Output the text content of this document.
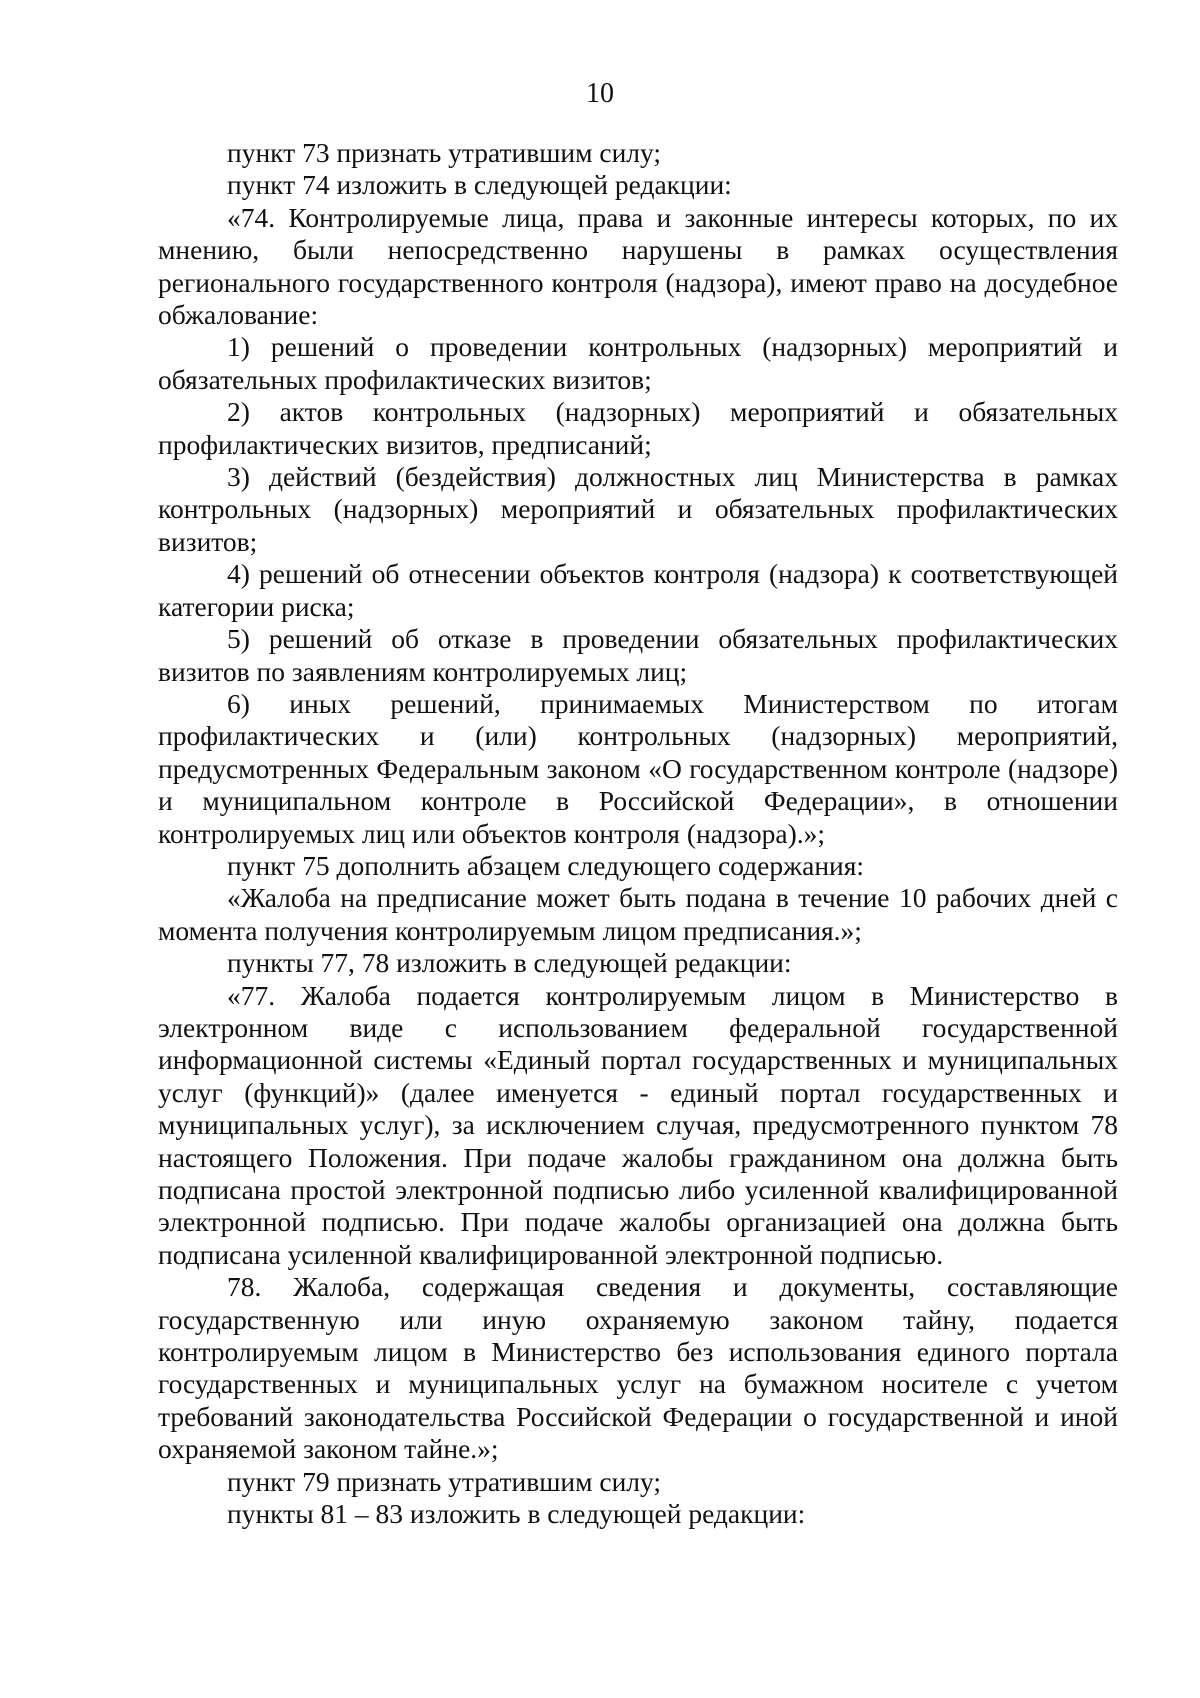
10

пункт 73 признать утратившим силу;

пункт 74 изложить в следующей редакции:

«74. Контролируемые лица, права и законные интересы которых, по их мнению, были непосредственно нарушены в рамках осуществления регионального государственного контроля (надзора), имеют право на досудебное обжалование:

1) решений о проведении контрольных (надзорных) мероприятий и обязательных профилактических визитов;

2) актов контрольных (надзорных) мероприятий и обязательных профилактических визитов, предписаний;

3) действий (бездействия) должностных лиц Министерства в рамках контрольных (надзорных) мероприятий и обязательных профилактических визитов;

4) решений об отнесении объектов контроля (надзора) к соответствующей категории риска;

5) решений об отказе в проведении обязательных профилактических визитов по заявлениям контролируемых лиц;

6) иных решений, принимаемых Министерством по итогам профилактических и (или) контрольных (надзорных) мероприятий, предусмотренных Федеральным законом «О государственном контроле (надзоре) и муниципальном контроле в Российской Федерации», в отношении контролируемых лиц или объектов контроля (надзора).»;

пункт 75 дополнить абзацем следующего содержания:

«Жалоба на предписание может быть подана в течение 10 рабочих дней с момента получения контролируемым лицом предписания.»;

пункты 77, 78 изложить в следующей редакции:

«77. Жалоба подается контролируемым лицом в Министерство в электронном виде с использованием федеральной государственной информационной системы «Единый портал государственных и муниципальных услуг (функций)» (далее именуется - единый портал государственных и муниципальных услуг), за исключением случая, предусмотренного пунктом 78 настоящего Положения. При подаче жалобы гражданином она должна быть подписана простой электронной подписью либо усиленной квалифицированной электронной подписью. При подаче жалобы организацией она должна быть подписана усиленной квалифицированной электронной подписью.

78. Жалоба, содержащая сведения и документы, составляющие государственную или иную охраняемую законом тайну, подается контролируемым лицом в Министерство без использования единого портала государственных и муниципальных услуг на бумажном носителе с учетом требований законодательства Российской Федерации о государственной и иной охраняемой законом тайне.»;

пункт 79 признать утратившим силу;

пункты 81 – 83 изложить в следующей редакции:
